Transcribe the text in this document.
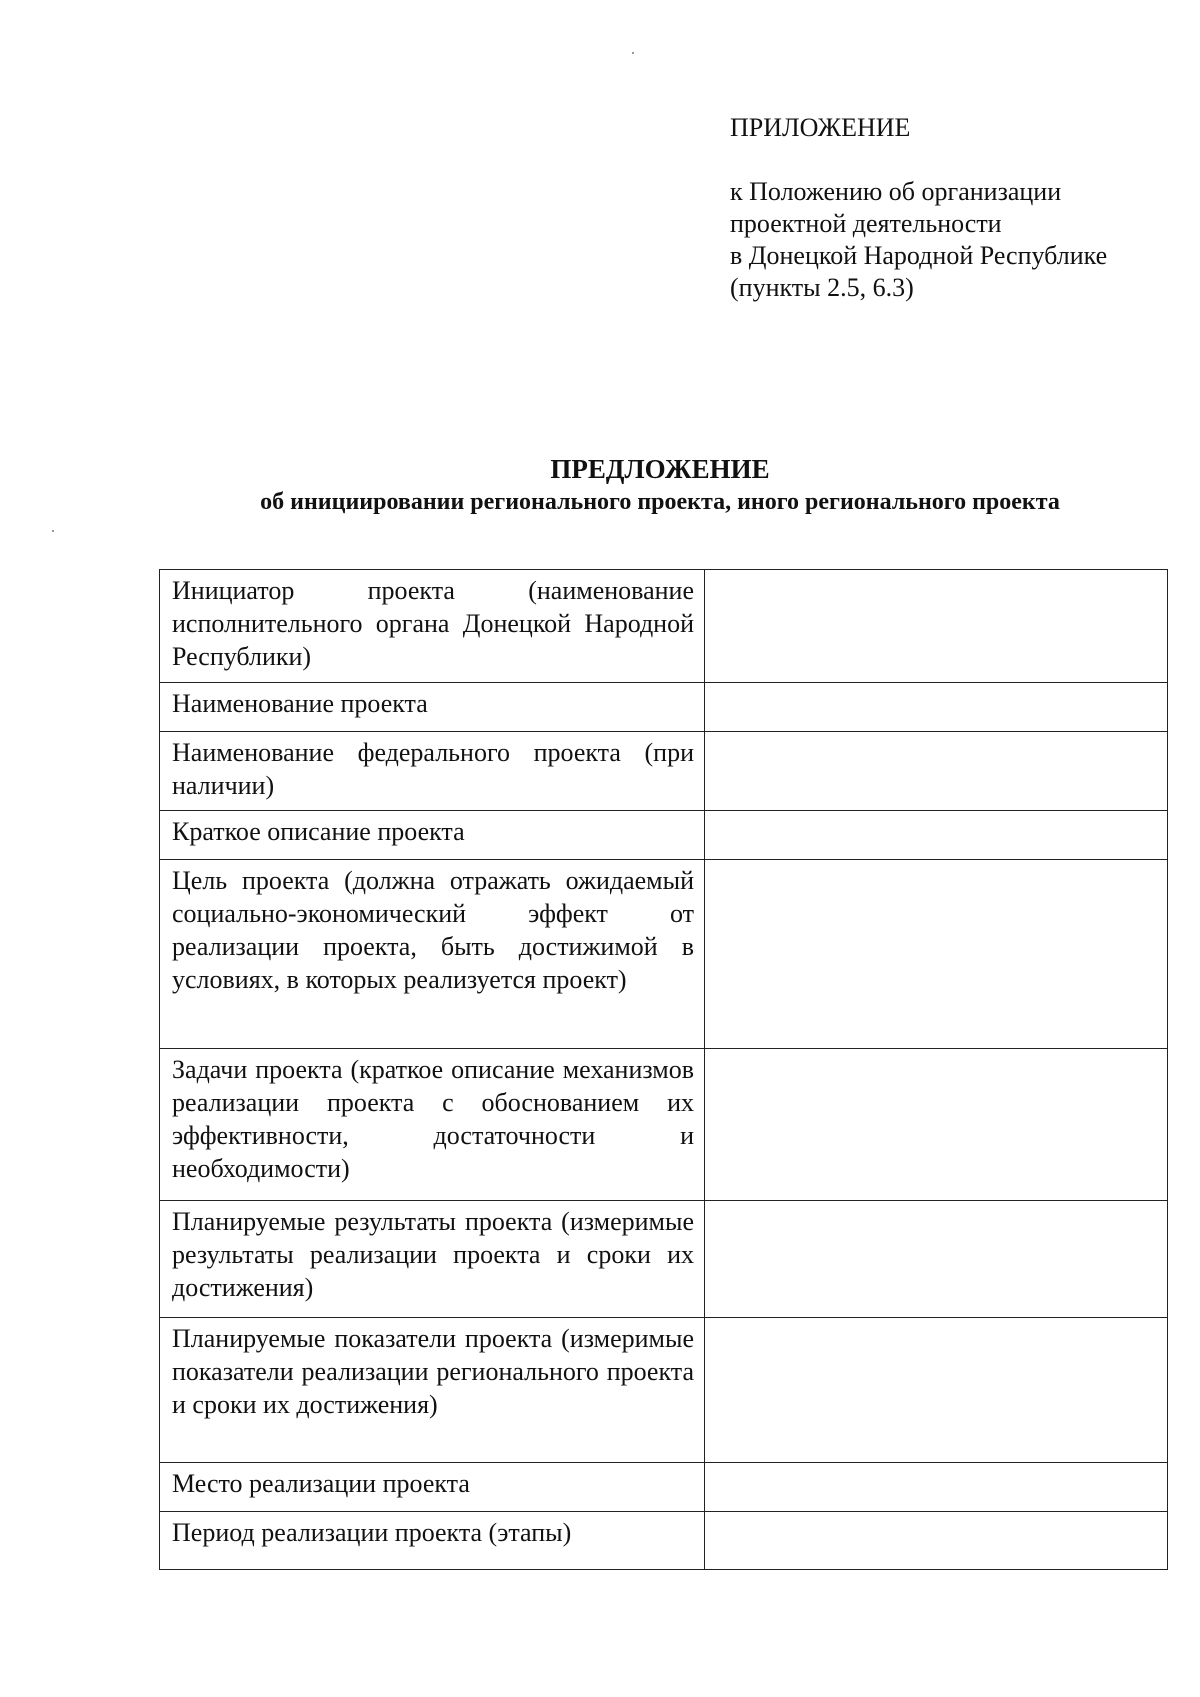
ПРИЛОЖЕНИЕ
к Положению об организации
проектной деятельности
в Донецкой Народной Республике
(пункты 2.5, 6.3)
ПРЕДЛОЖЕНИЕ
об инициировании регионального проекта, иного регионального проекта
Инициатор проекта (наименование исполнительного органа Донецкой Народной Республики)	
Наименование проекта	
Наименование федерального проекта (при наличии)	
Краткое описание проекта	
Цель проекта (должна отражать ожидаемый социально-экономический эффект от реализации проекта, быть достижимой в условиях, в которых реализуется проект)	
Задачи проекта (краткое описание механизмов реализации проекта с обоснованием их эффективности, достаточности и необходимости)	
Планируемые результаты проекта (измеримые результаты реализации проекта и сроки их достижения)	
Планируемые показатели проекта (измеримые показатели реализации регионального проекта и сроки их достижения)	
Место реализации проекта	
Период реализации проекта (этапы)	
